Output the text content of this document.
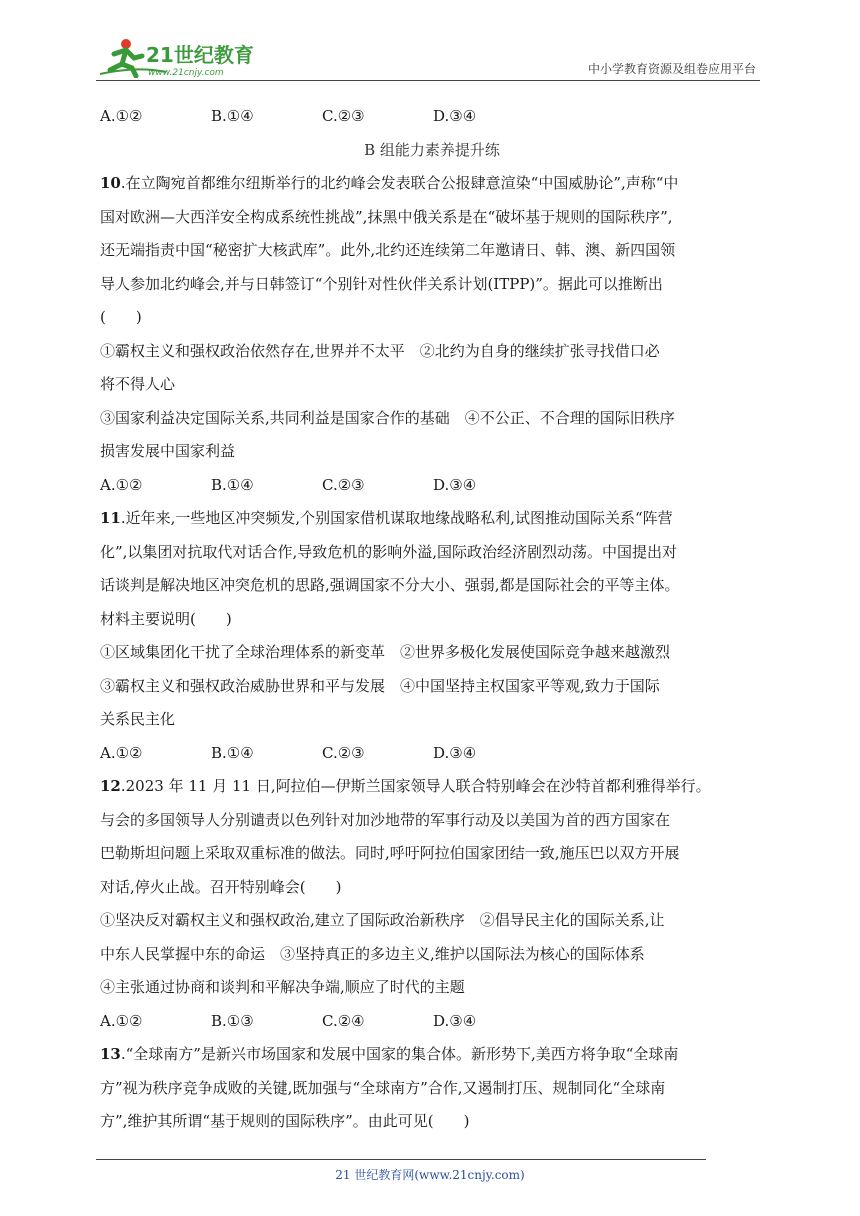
21世纪教育
www.21cnjy.com	中小学教育资源及组卷应用平台
A.①②	B.①④	C.②③	D.③④
B 组能力素养提升练
10.在立陶宛首都维尔纽斯举行的北约峰会发表联合公报肆意渲染“中国威胁论”,声称“中
国对欧洲—大西洋安全构成系统性挑战”,抹黑中俄关系是在“破坏基于规则的国际秩序”,
还无端指责中国“秘密扩大核武库”。此外,北约还连续第二年邀请日、韩、澳、新四国领
导人参加北约峰会,并与日韩签订“个别针对性伙伴关系计划(ITPP)”。据此可以推断出
(　　)
①霸权主义和强权政治依然存在,世界并不太平　②北约为自身的继续扩张寻找借口必
将不得人心
③国家利益决定国际关系,共同利益是国家合作的基础　④不公正、不合理的国际旧秩序
损害发展中国家利益
A.①②	B.①④	C.②③	D.③④
11.近年来,一些地区冲突频发,个别国家借机谋取地缘战略私利,试图推动国际关系“阵营
化”,以集团对抗取代对话合作,导致危机的影响外溢,国际政治经济剧烈动荡。中国提出对
话谈判是解决地区冲突危机的思路,强调国家不分大小、强弱,都是国际社会的平等主体。
材料主要说明(　　)
①区域集团化干扰了全球治理体系的新变革　②世界多极化发展使国际竞争越来越激烈
③霸权主义和强权政治威胁世界和平与发展　④中国坚持主权国家平等观,致力于国际
关系民主化
A.①②	B.①④	C.②③	D.③④
12.2023 年 11 月 11 日,阿拉伯—伊斯兰国家领导人联合特别峰会在沙特首都利雅得举行。
与会的多国领导人分别谴责以色列针对加沙地带的军事行动及以美国为首的西方国家在
巴勒斯坦问题上采取双重标准的做法。同时,呼吁阿拉伯国家团结一致,施压巴以双方开展
对话,停火止战。召开特别峰会(　　)
①坚决反对霸权主义和强权政治,建立了国际政治新秩序　②倡导民主化的国际关系,让
中东人民掌握中东的命运　③坚持真正的多边主义,维护以国际法为核心的国际体系
④主张通过协商和谈判和平解决争端,顺应了时代的主题
A.①②	B.①③	C.②④	D.③④
13.“全球南方”是新兴市场国家和发展中国家的集合体。新形势下,美西方将争取“全球南
方”视为秩序竞争成败的关键,既加强与“全球南方”合作,又遏制打压、规制同化“全球南
方”,维护其所谓“基于规则的国际秩序”。由此可见(　　)
21 世纪教育网(www.21cnjy.com)
